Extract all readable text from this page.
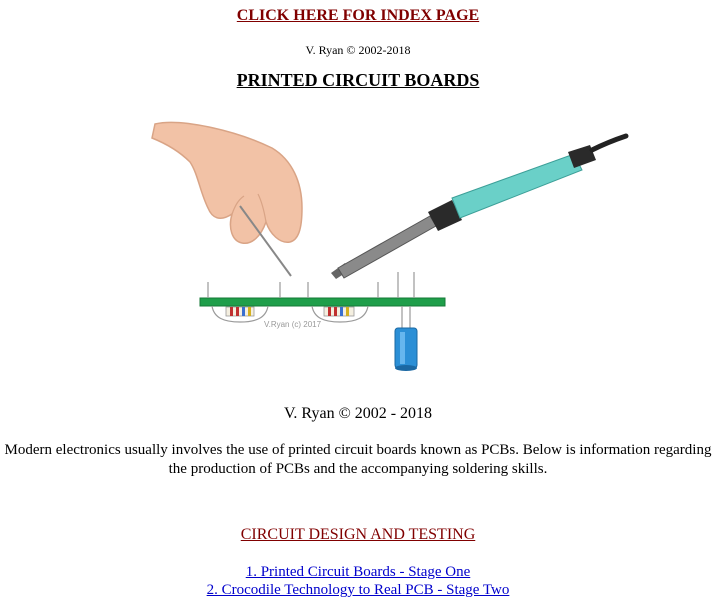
CLICK HERE FOR INDEX PAGE
V. Ryan © 2002-2018
PRINTED CIRCUIT BOARDS
V.Ryan (c) 2017
V. Ryan © 2002 - 2018
Modern electronics usually involves the use of printed circuit boards known as PCBs. Below is information regarding the production of PCBs and the accompanying soldering skills.
CIRCUIT DESIGN AND TESTING
1. Printed Circuit Boards - Stage One
2. Crocodile Technology to Real PCB - Stage Two
